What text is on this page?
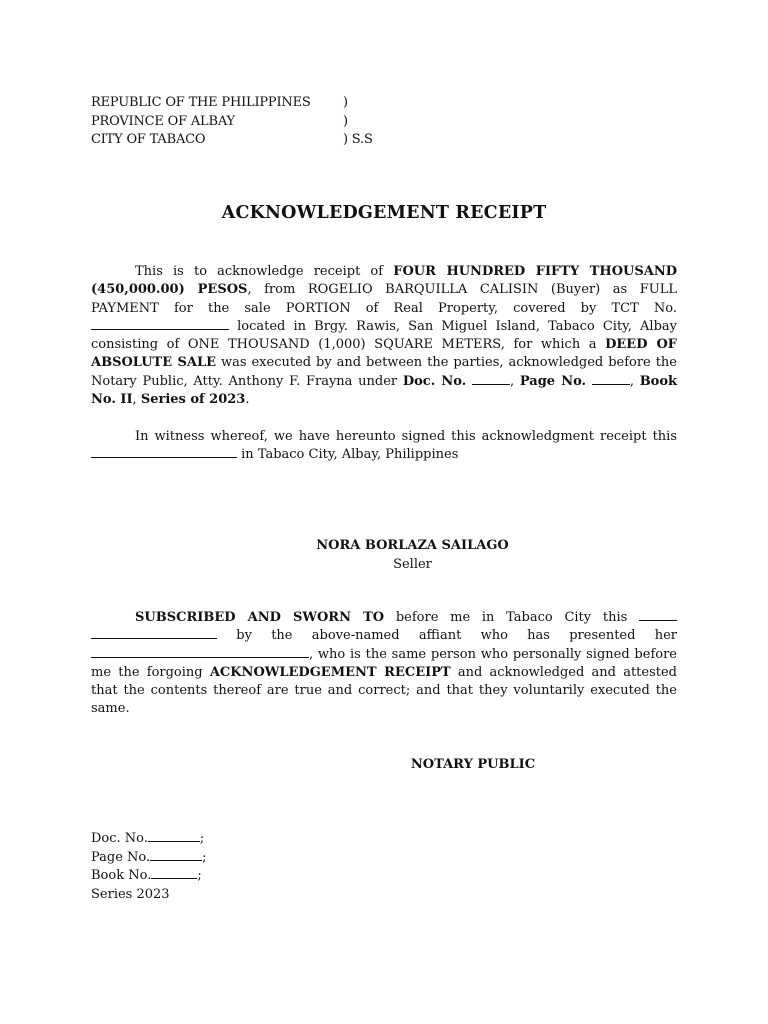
REPUBLIC OF THE PHILIPPINES )
PROVINCE OF ALBAY	)
CITY OF TABACO	) S.S
ACKNOWLEDGEMENT RECEIPT
This is to acknowledge receipt of FOUR HUNDRED FIFTY THOUSAND (450,000.00) PESOS, from ROGELIO BARQUILLA CALISIN (Buyer) as FULL PAYMENT for the sale PORTION of Real Property, covered by TCT No. located in Brgy. Rawis, San Miguel Island, Tabaco City, Albay consisting of ONE THOUSAND (1,000) SQUARE METERS, for which a DEED OF ABSOLUTE SALE was executed by and between the parties, acknowledged before the Notary Public, Atty. Anthony F. Frayna under Doc. No.	, Page No.	, Book No. II, Series of 2023.
In witness whereof, we have hereunto signed this acknowledgment receipt this  in Tabaco City, Albay, Philippines
NORA BORLAZA SAILAGO
Seller
SUBSCRIBED AND SWORN TO before me in Tabaco City this   by the above-named affiant who has presented her , who is the same person who personally signed before me the forgoing ACKNOWLEDGEMENT RECEIPT and acknowledged and attested that the contents thereof are true and correct; and that they voluntarily executed the same.
NOTARY PUBLIC
Doc. No.	;
Page No.	;
Book No.	;
Series 2023
